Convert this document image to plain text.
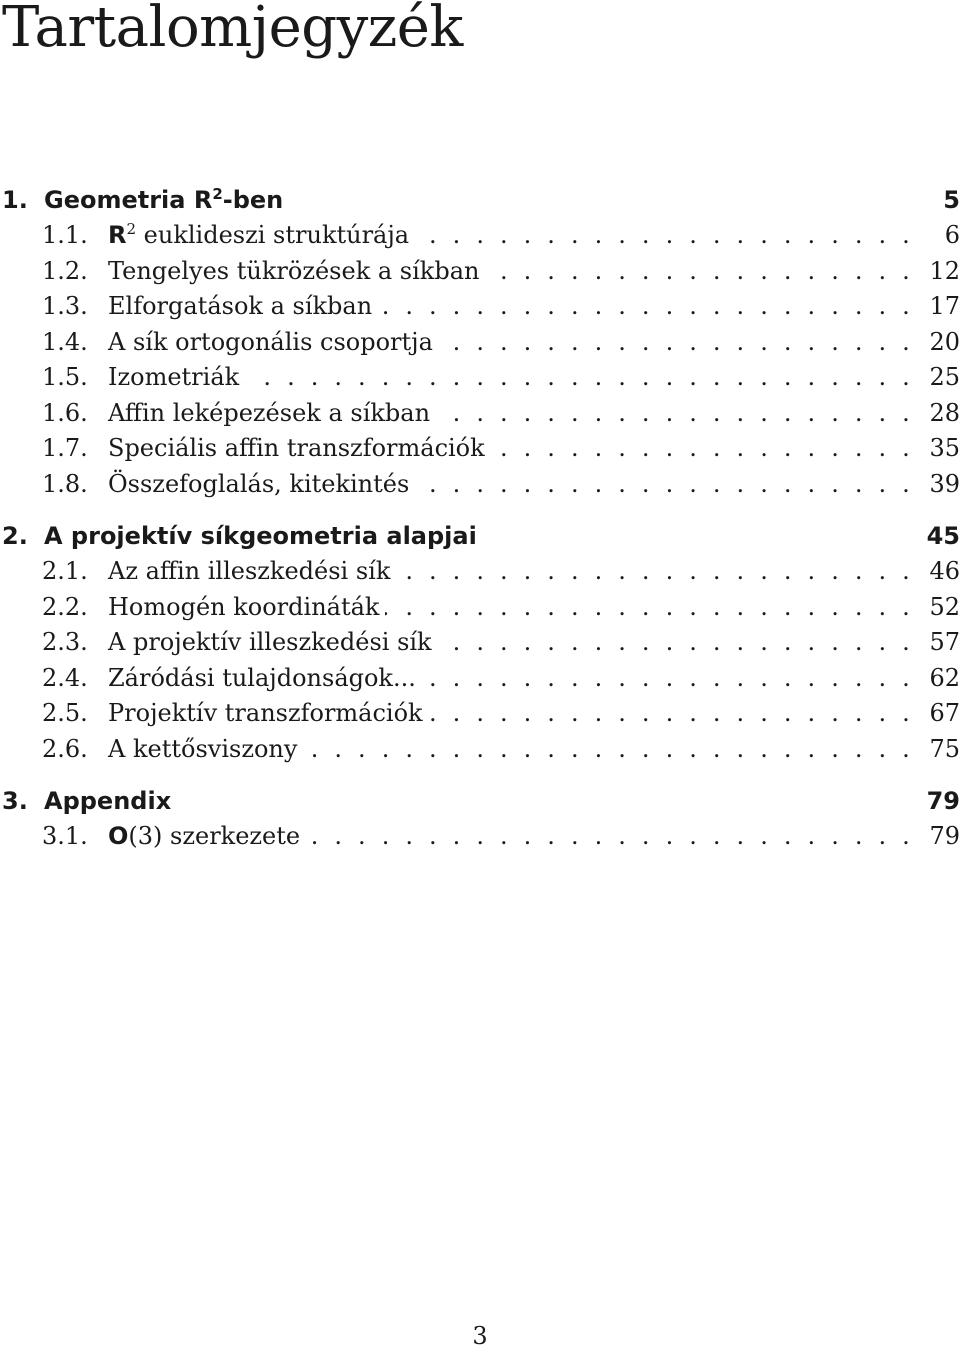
Tartalomjegyzék
1. Geometria $R^2$-ben	5
1.1. $R^2$ euklideszi struktúrája . . .	6
1.2. Tengelyes tükrözések a síkban . . .	12
1.3. Elforgatások a síkban . . .	17
1.4. A sík ortogonális csoportja . . .	20
1.5. Izometriák . . .	25
1.6. Affin leképezések a síkban . . .	28
1.7. Speciális affin transzformációk . . .	35
1.8. Összefoglalás, kitekintés . . .	39
2. A projektív síkgeometria alapjai	45
2.1. Az affin illeszkedési sík . . .	46
2.2. Homogén koordináták . . .	52
2.3. A projektív illeszkedési sík . . .	57
2.4. Záródási tulajdonságok... . . .	62
2.5. Projektív transzformációk . . .	67
2.6. A kettősviszony . . .	75
3. Appendix	79
3.1. O(3) szerkezete . . .	79
3
